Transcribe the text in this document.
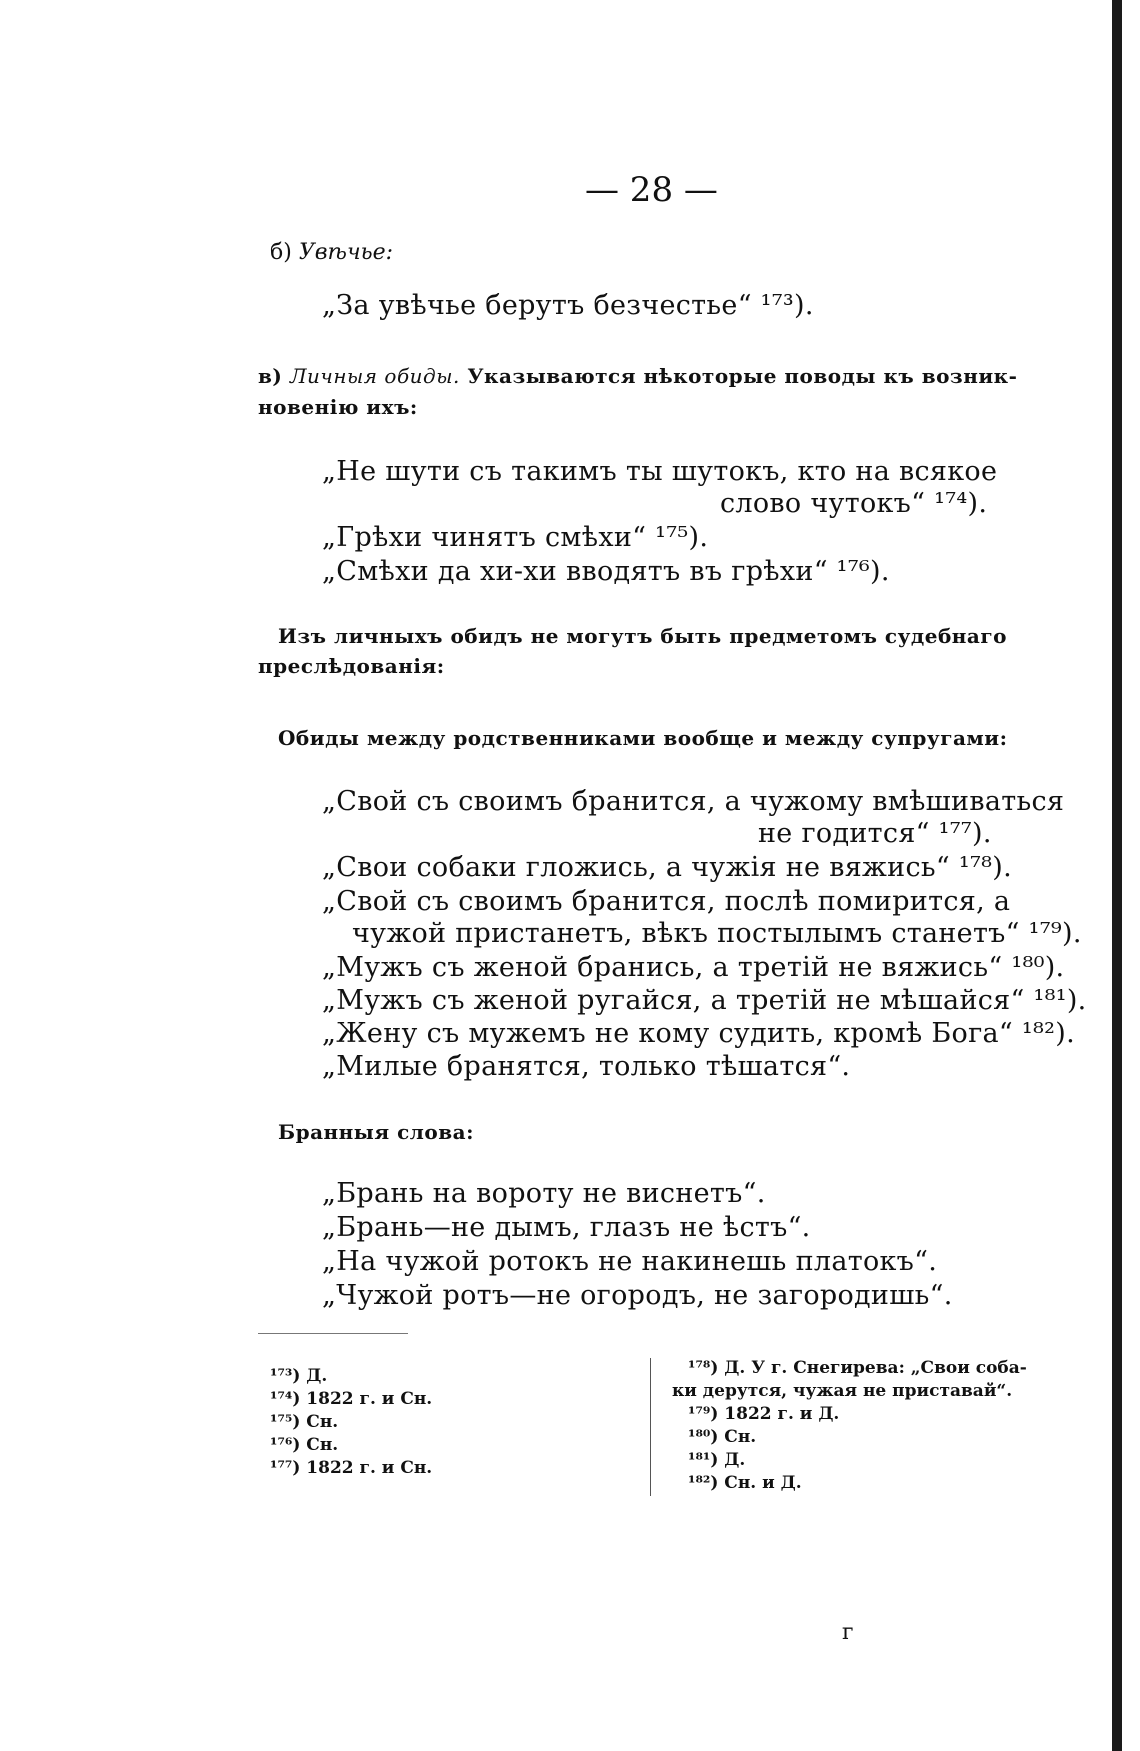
— 28 —
б) Увѣчье:
„За увѣчье берутъ безчестье“ ¹⁷³).
в) Личныя обиды. Указываются нѣкоторые поводы къ возник-
новенію ихъ:
„Не шути съ такимъ ты шутокъ, кто на всякое
слово чутокъ“ ¹⁷⁴).
„Грѣхи чинятъ смѣхи“ ¹⁷⁵).
„Смѣхи да хи-хи вводятъ въ грѣхи“ ¹⁷⁶).
Изъ личныхъ обидъ не могутъ быть предметомъ судебнаго
преслѣдованія:
Обиды между родственниками вообще и между супругами:
„Свой съ своимъ бранится, а чужому вмѣшиваться
не годится“ ¹⁷⁷).
„Свои собаки гложись, а чужія не вяжись“ ¹⁷⁸).
„Свой съ своимъ бранится, послѣ помирится, а
чужой пристанетъ, вѣкъ постылымъ станетъ“ ¹⁷⁹).
„Мужъ съ женой бранись, а третій не вяжись“ ¹⁸⁰).
„Мужъ съ женой ругайся, а третій не мѣшайся“ ¹⁸¹).
„Жену съ мужемъ не кому судить, кромѣ Бога“ ¹⁸²).
„Милые бранятся, только тѣшатся“.
Бранныя слова:
„Брань на вороту не виснетъ“.
„Брань—не дымъ, глазъ не ѣстъ“.
„На чужой ротокъ не накинешь платокъ“.
„Чужой ротъ—не огородъ, не загородишь“.
¹⁷³) Д.
¹⁷⁴) 1822 г. и Сн.
¹⁷⁵) Сн.
¹⁷⁶) Сн.
¹⁷⁷) 1822 г. и Сн.
¹⁷⁸) Д. У г. Снегирева: „Свои соба-
ки дерутся, чужая не приставай“.
¹⁷⁹) 1822 г. и Д.
¹⁸⁰) Сн.
¹⁸¹) Д.
¹⁸²) Сн. и Д.
г
